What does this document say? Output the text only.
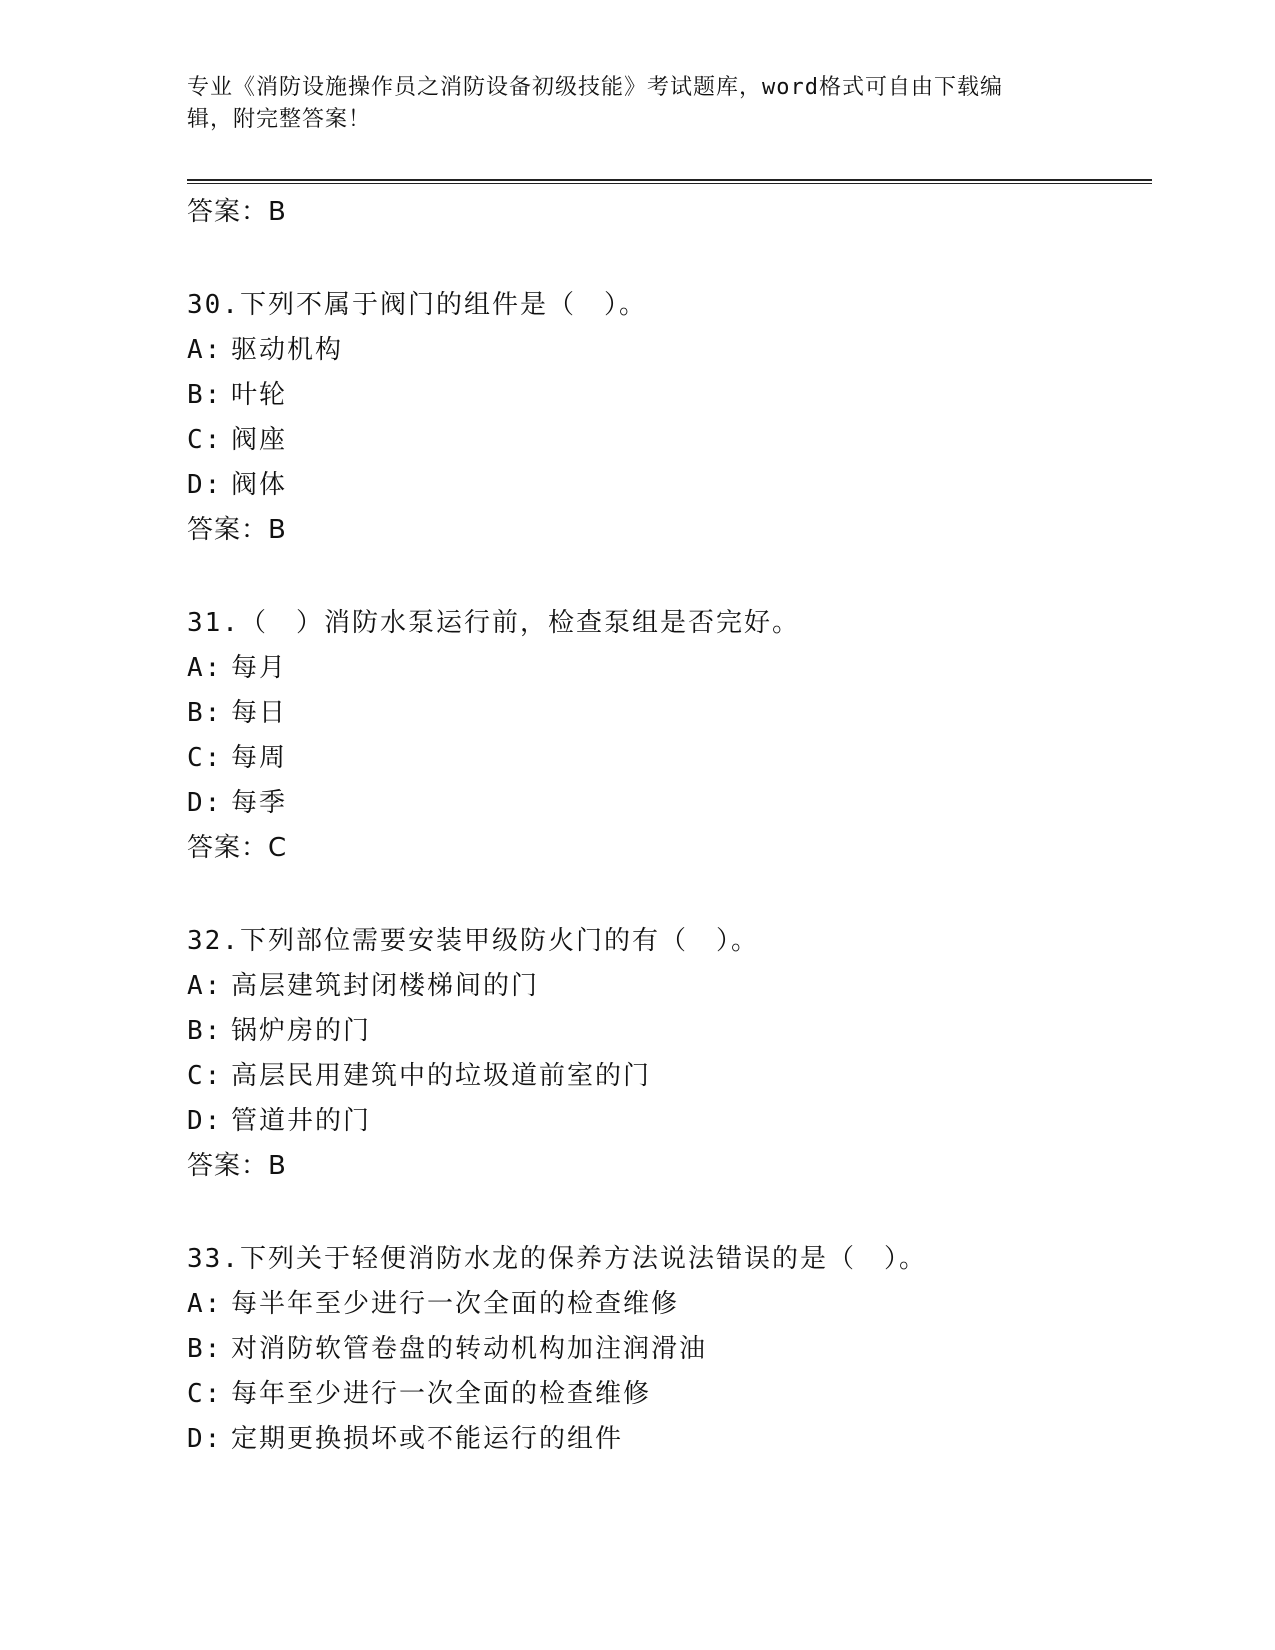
专业《消防设施操作员之消防设备初级技能》考试题库，word格式可自由下载编
辑，附完整答案！
答案：B
30.下列不属于阀门的组件是（　）。
A: 驱动机构
B: 叶轮
C: 阀座
D: 阀体
答案：B
31.（　）消防水泵运行前，检查泵组是否完好。
A: 每月
B: 每日
C: 每周
D: 每季
答案：C
32.下列部位需要安装甲级防火门的有（　）。
A: 高层建筑封闭楼梯间的门
B: 锅炉房的门
C: 高层民用建筑中的垃圾道前室的门
D: 管道井的门
答案：B
33.下列关于轻便消防水龙的保养方法说法错误的是（　）。
A: 每半年至少进行一次全面的检查维修
B: 对消防软管卷盘的转动机构加注润滑油
C: 每年至少进行一次全面的检查维修
D: 定期更换损坏或不能运行的组件
